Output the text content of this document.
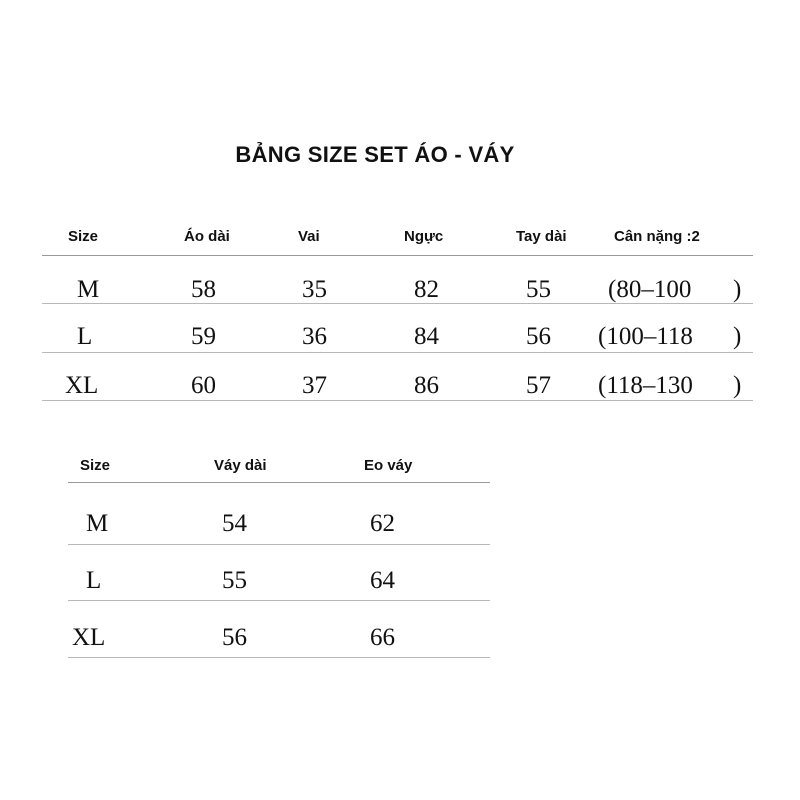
BẢNG SIZE SET ÁO - VÁY
Size	Áo dài	Vai	Ngực	Tay dài	Cân nặng :2
M	58	35	82	55 (80–100 )
L	59	36	84	56 (100–118 )
XL	60	37	86	57 (118–130 )
Size	Váy dài	Eo váy
M	54	62
L	55	64
XL	56	66
